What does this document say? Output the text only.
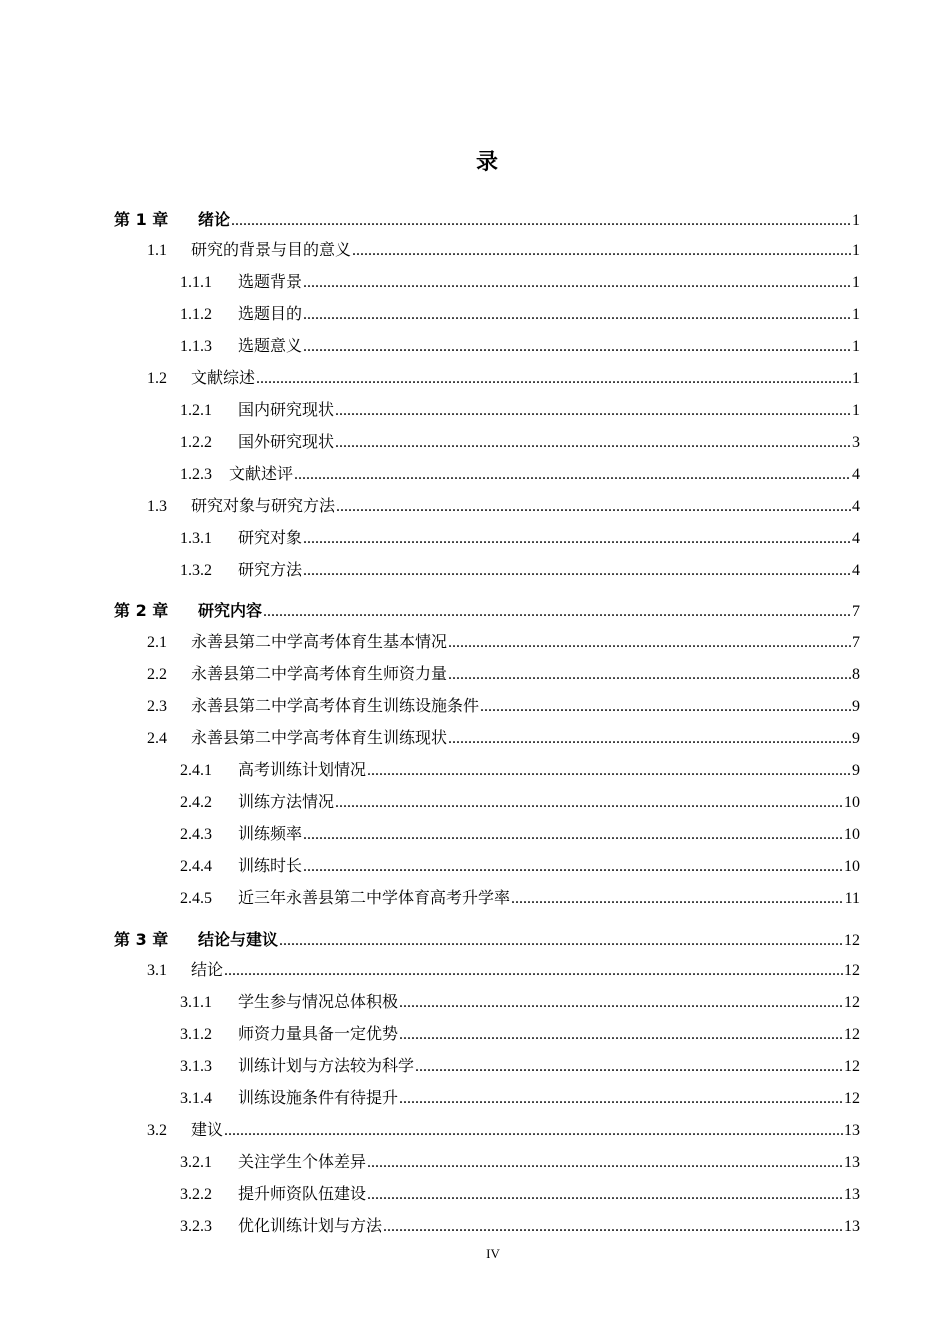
录
第 1 章	绪论 .....	1
1.1	研究的背景与目的意义 .....	1
1.1.1	选题背景 .....	1
1.1.2	选题目的 .....	1
1.1.3	选题意义 .....	1
1.2	文献综述 .....	1
1.2.1	国内研究现状 .....	1
1.2.2	国外研究现状 .....	3
1.2.3	文献述评 .....	4
1.3	研究对象与研究方法 .....	4
1.3.1	研究对象 .....	4
1.3.2	研究方法 .....	4
第 2 章	研究内容 .....	7
2.1	永善县第二中学高考体育生基本情况 .....	7
2.2	永善县第二中学高考体育生师资力量 .....	8
2.3	永善县第二中学高考体育生训练设施条件 .....	9
2.4	永善县第二中学高考体育生训练现状 .....	9
2.4.1	高考训练计划情况 .....	9
2.4.2	训练方法情况 .....	10
2.4.3	训练频率 .....	10
2.4.4	训练时长 .....	10
2.4.5	近三年永善县第二中学体育高考升学率 .....	11
第 3 章	结论与建议 .....	12
3.1	结论 .....	12
3.1.1	学生参与情况总体积极 .....	12
3.1.2	师资力量具备一定优势 .....	12
3.1.3	训练计划与方法较为科学 .....	12
3.1.4	训练设施条件有待提升 .....	12
3.2	建议 .....	13
3.2.1	关注学生个体差异 .....	13
3.2.2	提升师资队伍建设 .....	13
3.2.3	优化训练计划与方法 .....	13
IV
